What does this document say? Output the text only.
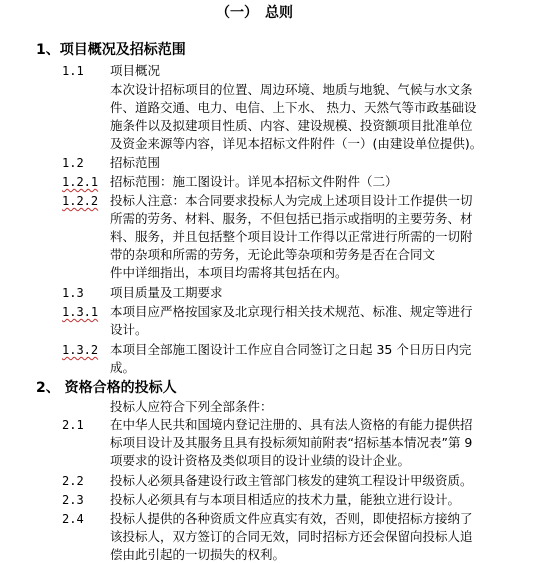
（一）　总则
1、项目概况及招标范围
1.1 项目概况
本次设计招标项目的位置、周边环境、地质与地貌、气候与水文条
件、道路交通、电力、电信、上下水、 热力、天然气等市政基础设
施条件以及拟建项目性质、内容、建设规模、投资额项目批准单位
及资金来源等内容，详见本招标文件附件（一）(由建设单位提供)。
1.2 招标范围
1.2.1 招标范围：施工图设计。详见本招标文件附件（二）
1.2.2 投标人注意：本合同要求投标人为完成上述项目设计工作提供一切
所需的劳务、材料、服务，不但包括已指示或指明的主要劳务、材
料、服务，并且包括整个项目设计工作得以正常进行所需的一切附
带的杂项和所需的劳务，无论此等杂项和劳务是否在合同文
件中详细指出，本项目均需将其包括在内。
1.3 项目质量及工期要求
1.3.1 本项目应严格按国家及北京现行相关技术规范、标准、规定等进行
设计。
1.3.2 本项目全部施工图设计工作应自合同签订之日起 35 个日历日内完
成。
2、 资格合格的投标人
投标人应符合下列全部条件：
2.1 在中华人民共和国境内登记注册的、具有法人资格的有能力提供招
标项目设计及其服务且具有投标须知前附表“招标基本情况表”第 9
项要求的设计资格及类似项目的设计业绩的设计企业。
2.2 投标人必须具备建设行政主管部门核发的建筑工程设计甲级资质。
2.3 投标人必须具有与本项目相适应的技术力量，能独立进行设计。
2.4 投标人提供的各种资质文件应真实有效，否则，即使招标方接纳了
该投标人，双方签订的合同无效，同时招标方还会保留向投标人追
偿由此引起的一切损失的权利。
